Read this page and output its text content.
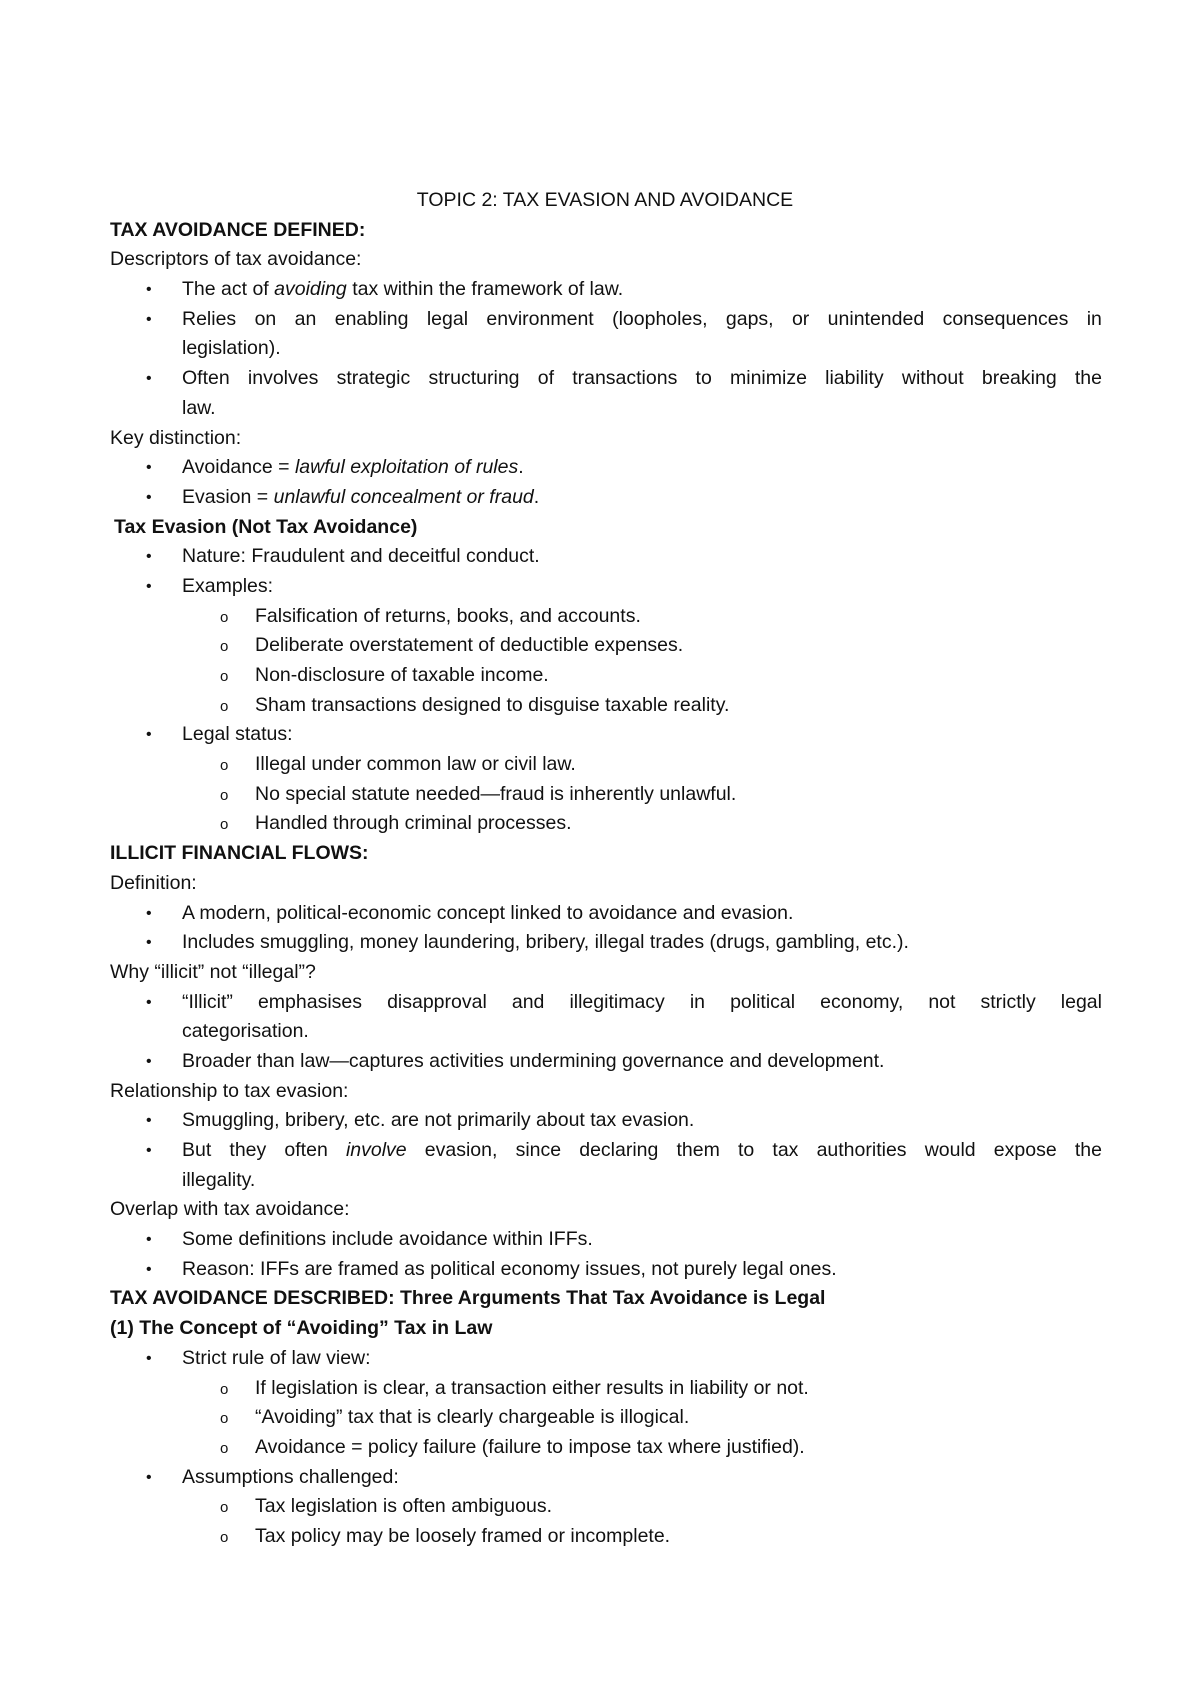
TOPIC 2: TAX EVASION AND AVOIDANCE
TAX AVOIDANCE DEFINED:
Descriptors of tax avoidance:
• The act of avoiding tax within the framework of law.
• Relies on an enabling legal environment (loopholes, gaps, or unintended consequences in
legislation).
• Often involves strategic structuring of transactions to minimize liability without breaking the
law.
Key distinction:
• Avoidance = lawful exploitation of rules.
• Evasion = unlawful concealment or fraud.
Tax Evasion (Not Tax Avoidance)
• Nature: Fraudulent and deceitful conduct.
• Examples:
o Falsification of returns, books, and accounts.
o Deliberate overstatement of deductible expenses.
o Non-disclosure of taxable income.
o Sham transactions designed to disguise taxable reality.
• Legal status:
o Illegal under common law or civil law.
o No special statute needed—fraud is inherently unlawful.
o Handled through criminal processes.
ILLICIT FINANCIAL FLOWS:
Definition:
• A modern, political-economic concept linked to avoidance and evasion.
• Includes smuggling, money laundering, bribery, illegal trades (drugs, gambling, etc.).
Why “illicit” not “illegal”?
• “Illicit” emphasises disapproval and illegitimacy in political economy, not strictly legal
categorisation.
• Broader than law—captures activities undermining governance and development.
Relationship to tax evasion:
• Smuggling, bribery, etc. are not primarily about tax evasion.
• But they often involve evasion, since declaring them to tax authorities would expose the
illegality.
Overlap with tax avoidance:
• Some definitions include avoidance within IFFs.
• Reason: IFFs are framed as political economy issues, not purely legal ones.
TAX AVOIDANCE DESCRIBED: Three Arguments That Tax Avoidance is Legal
(1) The Concept of “Avoiding” Tax in Law
• Strict rule of law view:
o If legislation is clear, a transaction either results in liability or not.
o “Avoiding” tax that is clearly chargeable is illogical.
o Avoidance = policy failure (failure to impose tax where justified).
• Assumptions challenged:
o Tax legislation is often ambiguous.
o Tax policy may be loosely framed or incomplete.
